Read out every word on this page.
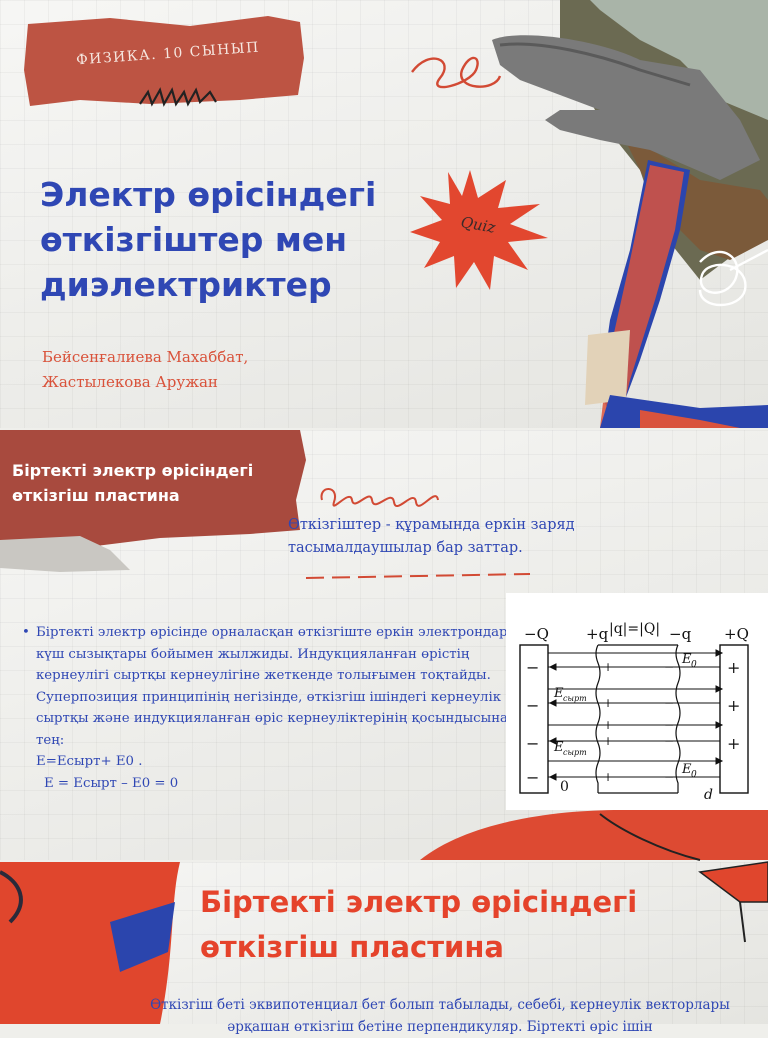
ФИЗИКА. 10 СЫНЫП
Quiz
Электр өрісіндегі өткізгіштер мен диэлектриктер

Бейсенғалиева Махаббат,
Жастылекова Аружан

Біртекті электр өрісіндегі өткізгіш пластина

Өткізгіштер - құрамында еркін заряд тасымалдаушылар бар заттар.

• Біртекті электр өрісінде орналасқан өткізгіште еркін электрондар күш сызықтары бойымен жылжиды. Индукцияланған өрістің кернеулігі сыртқы кернеулігіне жеткенде толығымен тоқтайды. Суперпозиция принципінің негізінде, өткізгіш ішіндегі кернеулік сыртқы және индукцияланған өріс кернеуліктерінің қосындысына тең:
E=Eсырт+ E0 .
E = Eсырт – E0 = 0
−Q +q |q|=|Q| −q +Q
−
−
−
−
+
+
+
+
+
+
+
+
−
−
−
−
−
E 0
E сырт
E сырт
E 0
0	d
Біртекті электр өрісіндегі өткізгіш пластина

Өткізгіш беті эквипотенциал бет болып табылады, себебі, кернеулік векторлары әрқашан өткізгіш бетіне перпендикуляр. Біртекті өріс ішін
